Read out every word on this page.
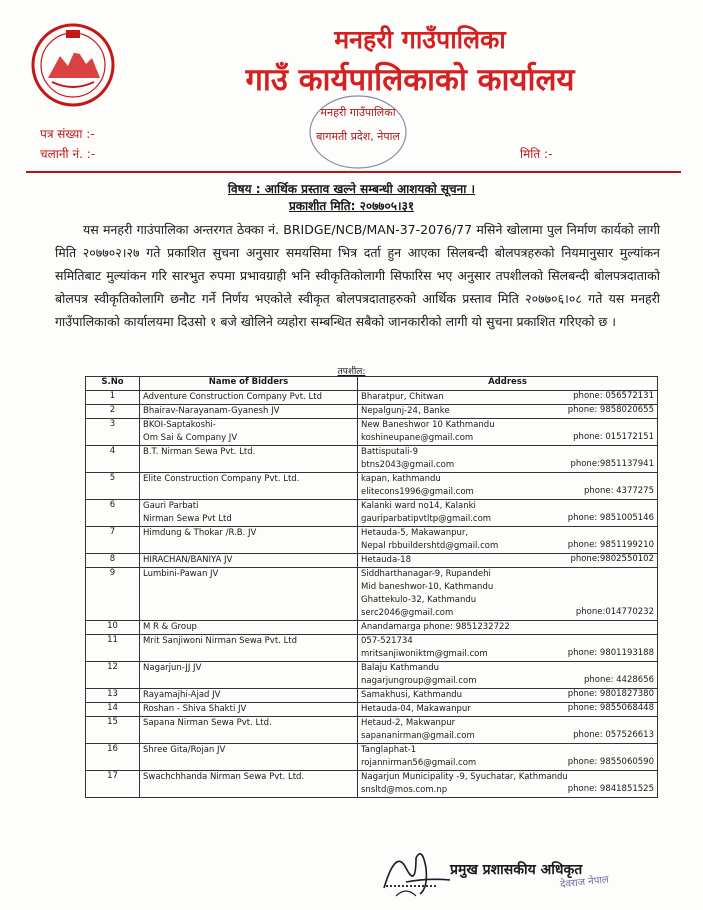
मनहरी गाउँपालिका
गाउँ कार्यपालिकाको कार्यालय
पत्र संख्या :-
चलानी नं. :-	मिति :-
मनहरी गाउँपालिका
बागमती प्रदेश, नेपाल
विषय : आर्थिक प्रस्ताव खल्ने सम्बन्धी आशयको सूचना ।
प्रकाशीत मिति: २०७७०५।३१
यस मनहरी गाउंपालिका अन्तरगत ठेक्का नं. BRIDGE/NCB/MAN-37-2076/77 मसिने खोलामा पुल निर्माण कार्यको लागी मिति २०७७०२।२७ गते प्रकाशित सुचना अनुसार समयसिमा भित्र दर्ता हुन आएका सिलबन्दी बोलपत्रहरुको नियमानुसार मुल्यांकन समितिबाट मुल्यांकन गरि सारभुत रुपमा प्रभावग्राही भनि स्वीकृतिकोलागी सिफारिस भए अनुसार तपशीलको सिलबन्दी बोलपत्रदाताको बोलपत्र स्वीकृतिकोलागि छनौट गर्ने निर्णय भएकोले स्वीकृत बोलपत्रदाताहरुको आर्थिक प्रस्ताव मिति २०७७०६।०८ गते यस मनहरी गाउँपालिकाको कार्यालयमा दिउसो १ बजे खोलिने व्यहोरा सम्बन्धित सबैको जानकारीको लागी यो सुचना प्रकाशित गरिएको छ ।
तपशील:
S.No	Name of Bidders	Address
1	Adventure Construction Company Pvt. Ltd	Bharatpur, Chitwan phone: 056572131

2	Bhairav-Narayanam-Gyanesh JV	Nepalgunj-24, Banke phone: 9858020655

3	BKOI-Saptakoshi-
Om Sai & Company JV	New Baneshwor 10 Kathmandu
koshineupane@gmail.com phone: 015172151

4	B.T. Nirman Sewa Pvt. Ltd.	Battisputali-9
btns2043@gmail.com phone:9851137941

5	Elite Construction Company Pvt. Ltd.	kapan, kathmandu
elitecons1996@gmail.com phone: 4377275

6	Gauri Parbati
Nirman Sewa Pvt Ltd	Kalanki ward no14, Kalanki
gauriparbatipvtltp@gmail.com phone: 9851005146

7	Himdung & Thokar /R.B. JV	Hetauda-5, Makawanpur,
Nepal rbbuildershtd@gmail.com phone: 9851199210

8	HIRACHAN/BANIYA JV	Hetauda-18 phone:9802550102

9	Lumbini-Pawan JV	Siddharthanagar-9, Rupandehi
Mid baneshwor-10, Kathmandu
Ghattekulo-32, Kathmandu
serc2046@gmail.com phone:014770232

10	M R & Group	Anandamarga phone: 9851232722

11	Mrit Sanjiwoni Nirman Sewa Pvt. Ltd	057-521734
mritsanjiwoniktm@gmail.com phone: 9801193188

12	Nagarjun-JJ JV	Balaju Kathmandu
nagarjungroup@gmail.com phone: 4428656

13	Rayamajhi-Ajad JV	Samakhusi, Kathmandu phone: 9801827380

14	Roshan - Shiva Shakti JV	Hetauda-04, Makawanpur phone: 9855068448

15	Sapana Nirman Sewa Pvt. Ltd.	Hetaud-2, Makwanpur
sapananirman@gmail.com phone: 057526613

16	Shree Gita/Rojan JV	Tanglaphat-1
rojannirman56@gmail.com phone: 9855060590

17	Swachchhanda Nirman Sewa Pvt. Ltd.	Nagarjun Municipality -9, Syuchatar, Kathmandu
snsltd@mos.com.np phone: 9841851525
प्रमुख प्रशासकीय अधिकृत
देवराज नेपाल
